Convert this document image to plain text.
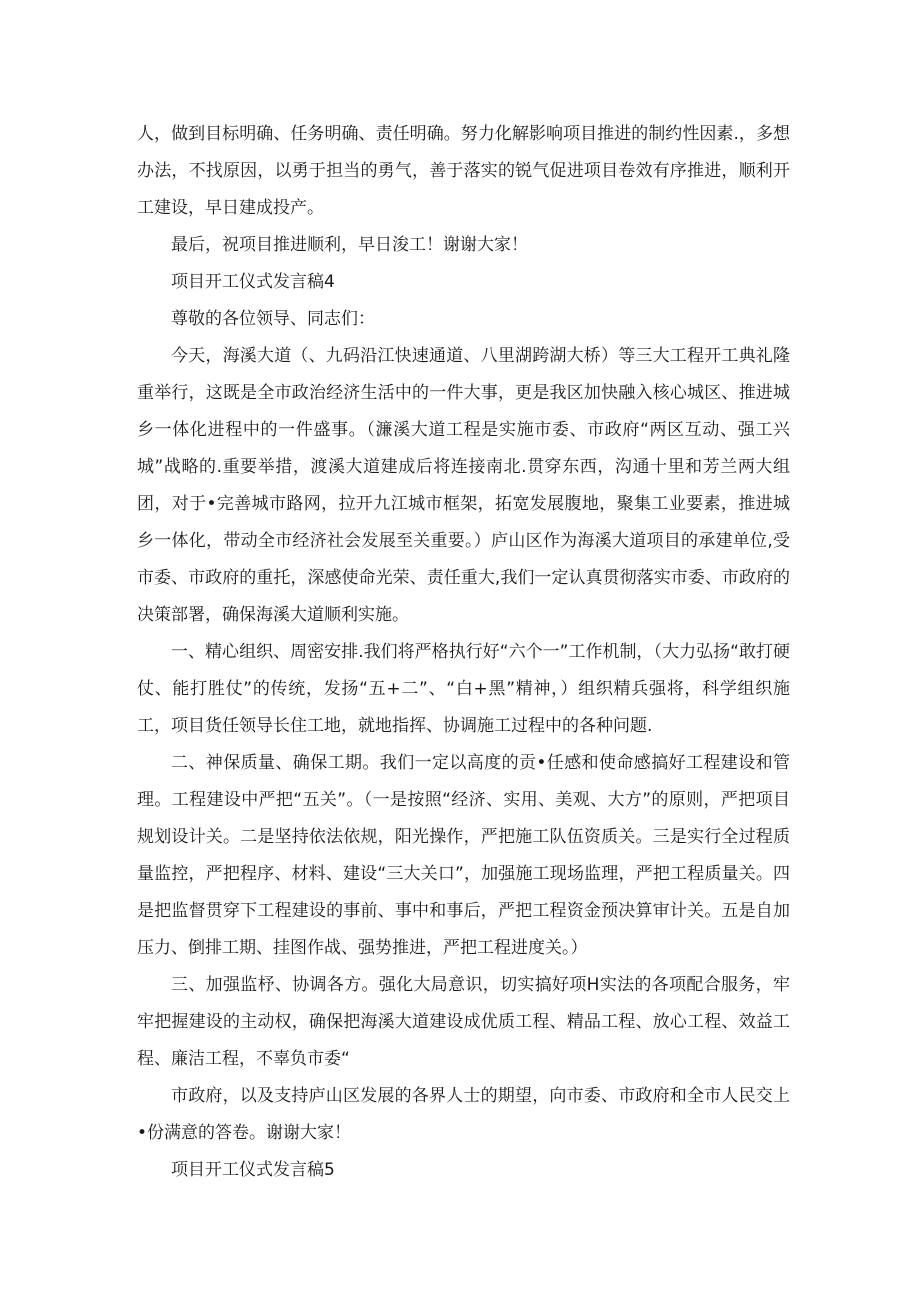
人，做到目标明确、任务明确、责任明确。努力化解影响项目推进的制约性因素.，多想办法，不找原因，以勇于担当的勇气，善于落实的锐气促进项目卷效有序推进，顺利开工建设，早日建成投产。

最后，祝项目推进顺利，早日浚工！谢谢大家！

项目开工仪式发言稿4

尊敬的各位领导、同志们：

今天，海溪大道（、九码沿江快速通道、八里湖跨湖大桥）等三大工程开工典礼隆重举行，这既是全市政治经济生活中的一件大事，更是我区加快融入核心城区、推进城乡一体化进程中的一件盛事。（濂溪大道工程是实施市委、市政府“两区互动、强工兴城”战略的.重要举措，渡溪大道建成后将连接南北.贯穿东西，沟通十里和芳兰两大组团，对于•完善城市路网，拉开九江城市框架，拓宽发展腹地，聚集工业要素，推进城乡一体化，带动全市经济社会发展至关重要。）庐山区作为海溪大道项目的承建单位,受市委、市政府的重托，深感使命光荣、责任重大,我们一定认真贯彻落实市委、市政府的决策部署，确保海溪大道顺利实施。

一、精心组织、周密安排.我们将严格执行好“六个一”工作机制，（大力弘扬“敢打硬仗、能打胜仗”的传统，发扬“五+二”、“白+黑”精神，）组织精兵强将，科学组织施工，项目货任领导长住工地，就地指挥、协调施工过程中的各种问题.

二、神保质量、确保工期。我们一定以高度的贡•任感和使命感搞好工程建设和管理。工程建设中严把“五关”。（一是按照“经济、实用、美观、大方”的原则，严把项目规划设计关。二是坚持依法依规，阳光操作，严把施工队伍资质关。三是实行全过程质量监控，严把程序、材料、建设“三大关口”，加强施工现场监理，严把工程质量关。四是把监督贯穿下工程建设的事前、事中和事后，严把工程资金预决算审计关。五是自加压力、倒排工期、挂图作战、强势推进，严把工程进度关。）

三、加强监杼、协调各方。强化大局意识，切实搞好项H实法的各项配合服务，牢牢把握建设的主动权，确保把海溪大道建设成优质工程、精品工程、放心工程、效益工程、廉洁工程，不辜负市委“

市政府，以及支持庐山区发展的各界人士的期望，向市委、市政府和全市人民交上•份满意的答卷。谢谢大家！

项目开工仪式发言稿5
